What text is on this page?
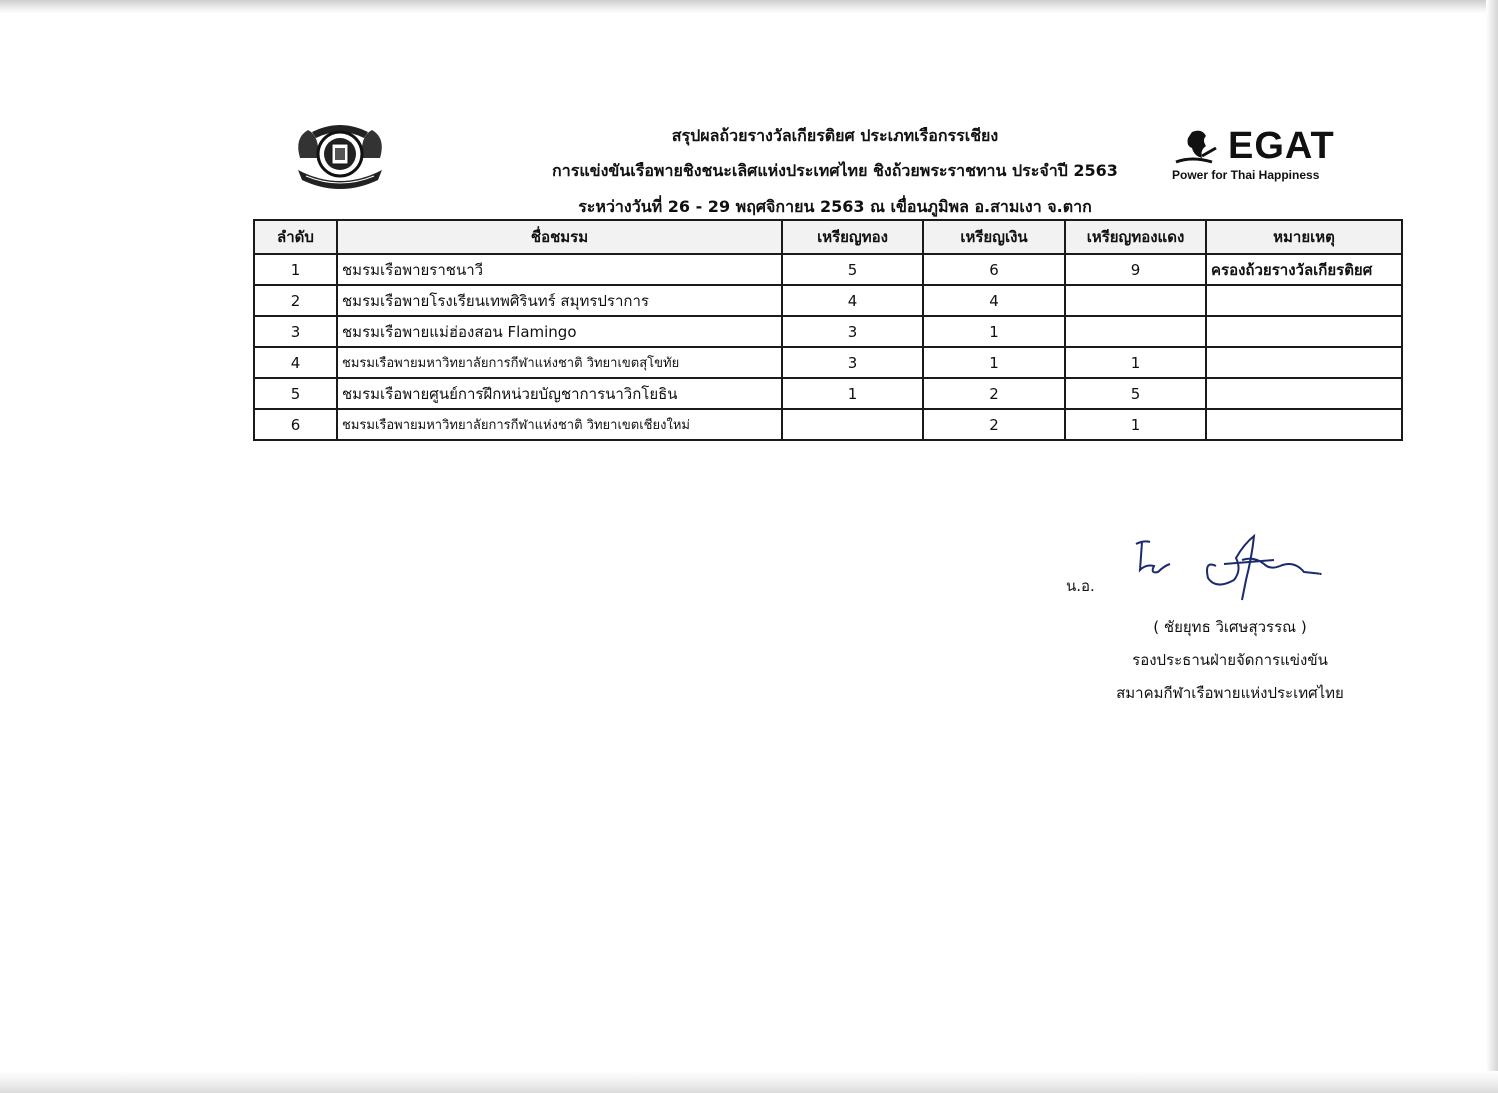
EGAT
Power for Thai Happiness
สรุปผลถ้วยรางวัลเกียรติยศ ประเภทเรือกรรเชียง
การแข่งขันเรือพายชิงชนะเลิศแห่งประเทศไทย ชิงถ้วยพระราชทาน ประจำปี 2563
ระหว่างวันที่ 26 - 29 พฤศจิกายน 2563 ณ เขื่อนภูมิพล อ.สามเงา จ.ตาก
ลำดับ	ชื่อชมรม	เหรียญทอง	เหรียญเงิน	เหรียญทองแดง	หมายเหตุ
1	ชมรมเรือพายราชนาวี	5	6	9	ครองถ้วยรางวัลเกียรติยศ
2	ชมรมเรือพายโรงเรียนเทพศิรินทร์ สมุทรปราการ	4	4		
3	ชมรมเรือพายแม่ฮ่องสอน Flamingo	3	1		
4	ชมรมเรือพายมหาวิทยาลัยการกีฬาแห่งชาติ วิทยาเขตสุโขทัย	3	1	1	
5	ชมรมเรือพายศูนย์การฝึกหน่วยบัญชาการนาวิกโยธิน	1	2	5	
6	ชมรมเรือพายมหาวิทยาลัยการกีฬาแห่งชาติ วิทยาเขตเชียงใหม่		2	1	
น.อ.
( ชัยยุทธ วิเศษสุวรรณ )
รองประธานฝ่ายจัดการแข่งขัน
สมาคมกีฬาเรือพายแห่งประเทศไทย
